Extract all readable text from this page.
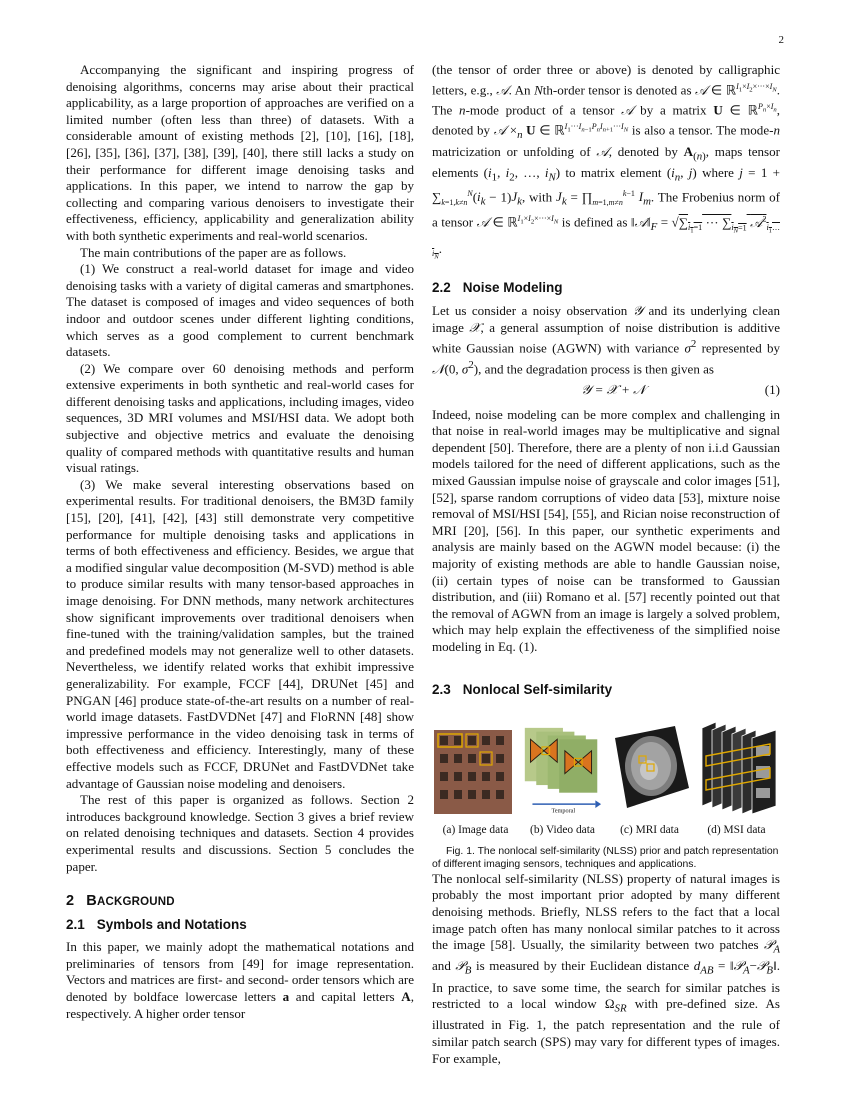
2

Accompanying the significant and inspiring progress of denoising algorithms, concerns may arise about their practical applicability, as a large proportion of approaches are verified on a limited number (often less than three) of datasets. With a considerable amount of existing methods [2], [10], [16], [18], [26], [35], [36], [37], [38], [39], [40], there still lacks a study on their performance for different image denoising tasks and applications. In this paper, we intend to narrow the gap by collecting and comparing various denoisers to investigate their effectiveness, efficiency, applicability and generalization ability with both synthetic experiments and real-world scenarios.

The main contributions of the paper are as follows.

(1) We construct a real-world dataset for image and video denoising tasks with a variety of digital cameras and smartphones. The dataset is composed of images and video sequences of both indoor and outdoor scenes under different lighting conditions, which serves as a good complement to current benchmark datasets.

(2) We compare over 60 denoising methods and perform extensive experiments in both synthetic and real-world cases for different denoising tasks and applications, including images, video sequences, 3D MRI volumes and MSI/HSI data. We adopt both subjective and objective metrics and evaluate the denoising quality of compared methods with quantitative results and human visual ratings.

(3) We make several interesting observations based on experimental results. For traditional denoisers, the BM3D family [15], [20], [41], [42], [43] still demonstrate very competitive performance for multiple denoising tasks and applications in terms of both effectiveness and efficiency. Besides, we argue that a modified singular value decomposition (M-SVD) method is able to produce similar results with many tensor-based approaches in image denoising. For DNN methods, many network architectures show significant improvements over traditional denoisers when fine-tuned with the training/validation samples, but the trained and predefined models may not generalize well to other datasets. Nevertheless, we identify related works that exhibit impressive generalizability. For example, FCCF [44], DRUNet [45] and PNGAN [46] produce state-of-the-art results on a number of real-world image datasets. FastDVDNet [47] and FloRNN [48] show impressive performance in the video denoising task in terms of both effectiveness and efficiency. Interestingly, many of these effective models such as FCCF, DRUNet and FastDVDNet take advantage of Gaussian noise modeling and denoisers.

The rest of this paper is organized as follows. Section 2 introduces background knowledge. Section 3 gives a brief review on related denoising techniques and datasets. Section 4 provides experimental results and discussions. Section 5 concludes the paper.

2 BACKGROUND
2.1 Symbols and Notations

In this paper, we mainly adopt the mathematical notations and preliminaries of tensors from [49] for image representation. Vectors and matrices are first- and second- order tensors which are denoted by boldface lowercase letters a and capital letters A, respectively. A higher order tensor

(the tensor of order three or above) is denoted by calligraphic letters, e.g., 𝒜. An Nth-order tensor is denoted as 𝒜 ∈ ℝ$^{I_1\times I_2\times\cdot\cdot\cdot\times I_N}$. The n-mode product of a tensor 𝒜 by a matrix U ∈ ℝ$^{P_n\times I_n}$, denoted by 𝒜 $\times_n$ U ∈ ℝ$^{I_1\cdot\cdot\cdot I_{n-1}P_nI_{n+1}\cdot\cdot\cdot I_N}$ is also a tensor. The mode-n matricization or unfolding of 𝒜, denoted by $A_{(n)}$, maps tensor elements ($i_1$, $i_2$, …, $i_N$) to matrix element ($i_n$, j) where $j = 1 + \sum_{k=1,k\ne n}^N(i_k - 1)J_k$, with $J_k$ = $\prod_{m=1,m\ne n}^{k-1}$ $I_m$. The Frobenius norm of a tensor 𝒜 ∈ ℝ$^{I_1\times I_2\times\cdot\cdot\cdot\times I_N}$ is defined as $‖𝒜‖_F = √\sum_{i_1=1}$ ··· $\sum_{i_N=1}$ 𝒜$^2_{i_1\dots i_N}$.

2.2 Noise Modeling

Let us consider a noisy observation 𝒴 and its underlying clean image 𝒳, a general assumption of noise distribution is additive white Gaussian noise (AGWN) with variance $\sigma^2$ represented by 𝒩(0, $\sigma^2$), and the degradation process is then given as

𝒴 = 𝒳 + 𝒩	(1)

Indeed, noise modeling can be more complex and challenging in that noise in real-world images may be multiplicative and signal dependent [50]. Therefore, there are a plenty of non i.i.d Gaussian models tailored for the need of different applications, such as the mixed Gaussian impulse noise of grayscale and color images [51], [52], sparse random corruptions of video data [53], mixture noise removal of MSI/HSI [54], [55], and Rician noise reconstruction of MRI [20], [56]. In this paper, our synthetic experiments and analysis are mainly based on the AGWN model because: (i) the majority of existing methods are able to handle Gaussian noise, (ii) certain types of noise can be transformed to Gaussian distribution, and (iii) Romano et al. [57] recently pointed out that the removal of AGWN from an image is largely a solved problem, which may help explain the effectiveness of the simplified noise modeling in Eq. (1).

2.3 Nonlocal Self-similarity
Temporal
(a) Image data	(b) Video data	(c) MRI data	(d) MSI data

Fig. 1. The nonlocal self-similarity (NLSS) prior and patch representation of different imaging sensors, techniques and applications.

The nonlocal self-similarity (NLSS) property of natural images is probably the most important prior adopted by many different denoising methods. Briefly, NLSS refers to the fact that a local image patch often has many nonlocal similar patches to it across the image [58]. Usually, the similarity between two patches 𝒫$_A$ and 𝒫$_B$ is measured by their Euclidean distance $d_{AB}$ = ‖𝒫$_A$−𝒫$_B$‖. In practice, to save some time, the search for similar patches is restricted to a local window $\Omega_{SR}$ with pre-defined size. As illustrated in Fig. 1, the patch representation and the rule of similar patch search (SPS) may vary for different types of images. For example,
